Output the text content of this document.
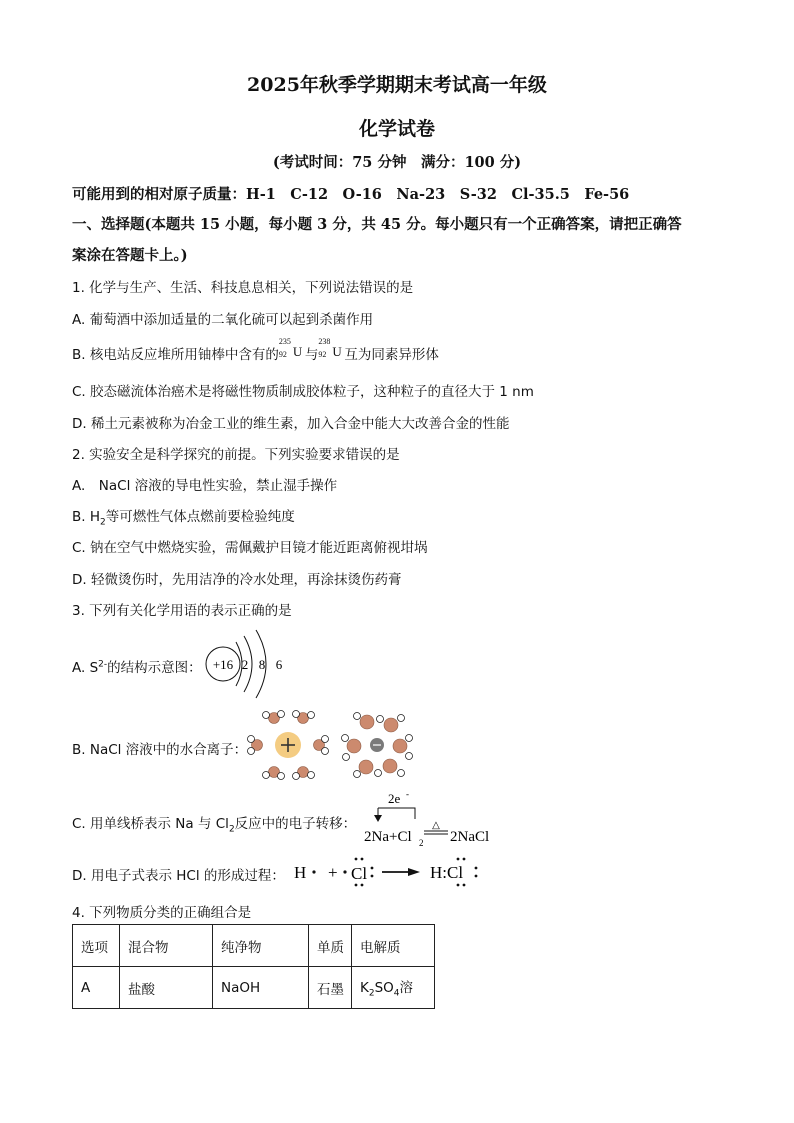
2025年秋季学期期末考试高一年级
化学试卷
(考试时间：75 分钟　满分：100 分)
可能用到的相对原子质量：H-1　C-12　O-16　Na-23　S-32　Cl-35.5　Fe-56
一、选择题(本题共 15 小题，每小题 3 分，共 45 分。每小题只有一个正确答案，请把正确答
案涂在答题卡上。)
1. 化学与生产、生活、科技息息相关，下列说法错误的是
A. 葡萄酒中添加适量的二氧化硫可以起到杀菌作用
B. 核电站反应堆所用铀棒中含有的
235
92 U 与
238
92 U 互为同素异形体
C. 胶态磁流体治癌术是将磁性物质制成胶体粒子，这种粒子的直径大于 1 nm
D. 稀土元素被称为冶金工业的维生素，加入合金中能大大改善合金的性能
2. 实验安全是科学探究的前提。下列实验要求错误的是
A.　NaCl 溶液的导电性实验，禁止湿手操作
B. $H_2$等可燃性气体点燃前要检验纯度
C. 钠在空气中燃烧实验，需佩戴护目镜才能近距离俯视坩埚
D. 轻微烫伤时，先用洁净的冷水处理，再涂抹烫伤药膏
3. 下列有关化学用语的表示正确的是
A. $S^{2-}$的结构示意图： +16 2 8 6
B. NaCl 溶液中的水合离子：
C. 用单线桥表示 Na 与 $Cl_2$反应中的电子转移：
2e -
2Na+Cl 2
△
2NaCl
D. 用电子式表示 HCl 的形成过程： H + Cl	H:Cl
4. 下列物质分类的正确组合是
选项	混合物	纯净物	单质	电解质
A	盐酸	NaOH	石墨	$K_2SO_4$溶
